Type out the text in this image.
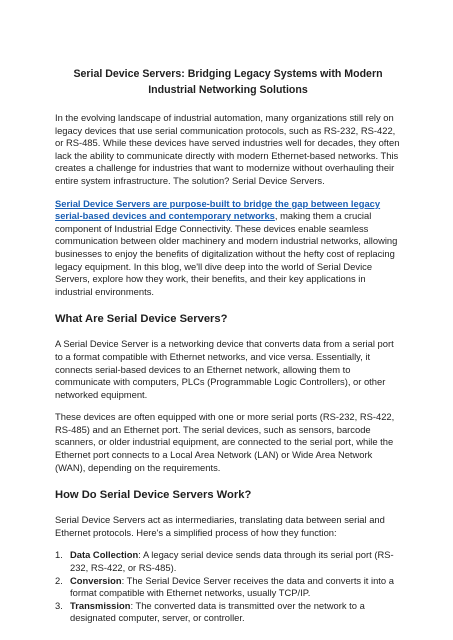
Serial Device Servers: Bridging Legacy Systems with Modern Industrial Networking Solutions

In the evolving landscape of industrial automation, many organizations still rely on legacy devices that use serial communication protocols, such as RS-232, RS-422, or RS-485. While these devices have served industries well for decades, they often lack the ability to communicate directly with modern Ethernet-based networks. This creates a challenge for industries that want to modernize without overhauling their entire system infrastructure. The solution? Serial Device Servers.

Serial Device Servers are purpose-built to bridge the gap between legacy serial-based devices and contemporary networks, making them a crucial component of Industrial Edge Connectivity. These devices enable seamless communication between older machinery and modern industrial networks, allowing businesses to enjoy the benefits of digitalization without the hefty cost of replacing legacy equipment. In this blog, we'll dive deep into the world of Serial Device Servers, explore how they work, their benefits, and their key applications in industrial environments.

What Are Serial Device Servers?

A Serial Device Server is a networking device that converts data from a serial port to a format compatible with Ethernet networks, and vice versa. Essentially, it connects serial-based devices to an Ethernet network, allowing them to communicate with computers, PLCs (Programmable Logic Controllers), or other networked equipment.

These devices are often equipped with one or more serial ports (RS-232, RS-422, RS-485) and an Ethernet port. The serial devices, such as sensors, barcode scanners, or older industrial equipment, are connected to the serial port, while the Ethernet port connects to a Local Area Network (LAN) or Wide Area Network (WAN), depending on the requirements.

How Do Serial Device Servers Work?

Serial Device Servers act as intermediaries, translating data between serial and Ethernet protocols. Here's a simplified process of how they function:

1. Data Collection: A legacy serial device sends data through its serial port (RS-232, RS-422, or RS-485).
2. Conversion: The Serial Device Server receives the data and converts it into a format compatible with Ethernet networks, usually TCP/IP.
3. Transmission: The converted data is transmitted over the network to a designated computer, server, or controller.
